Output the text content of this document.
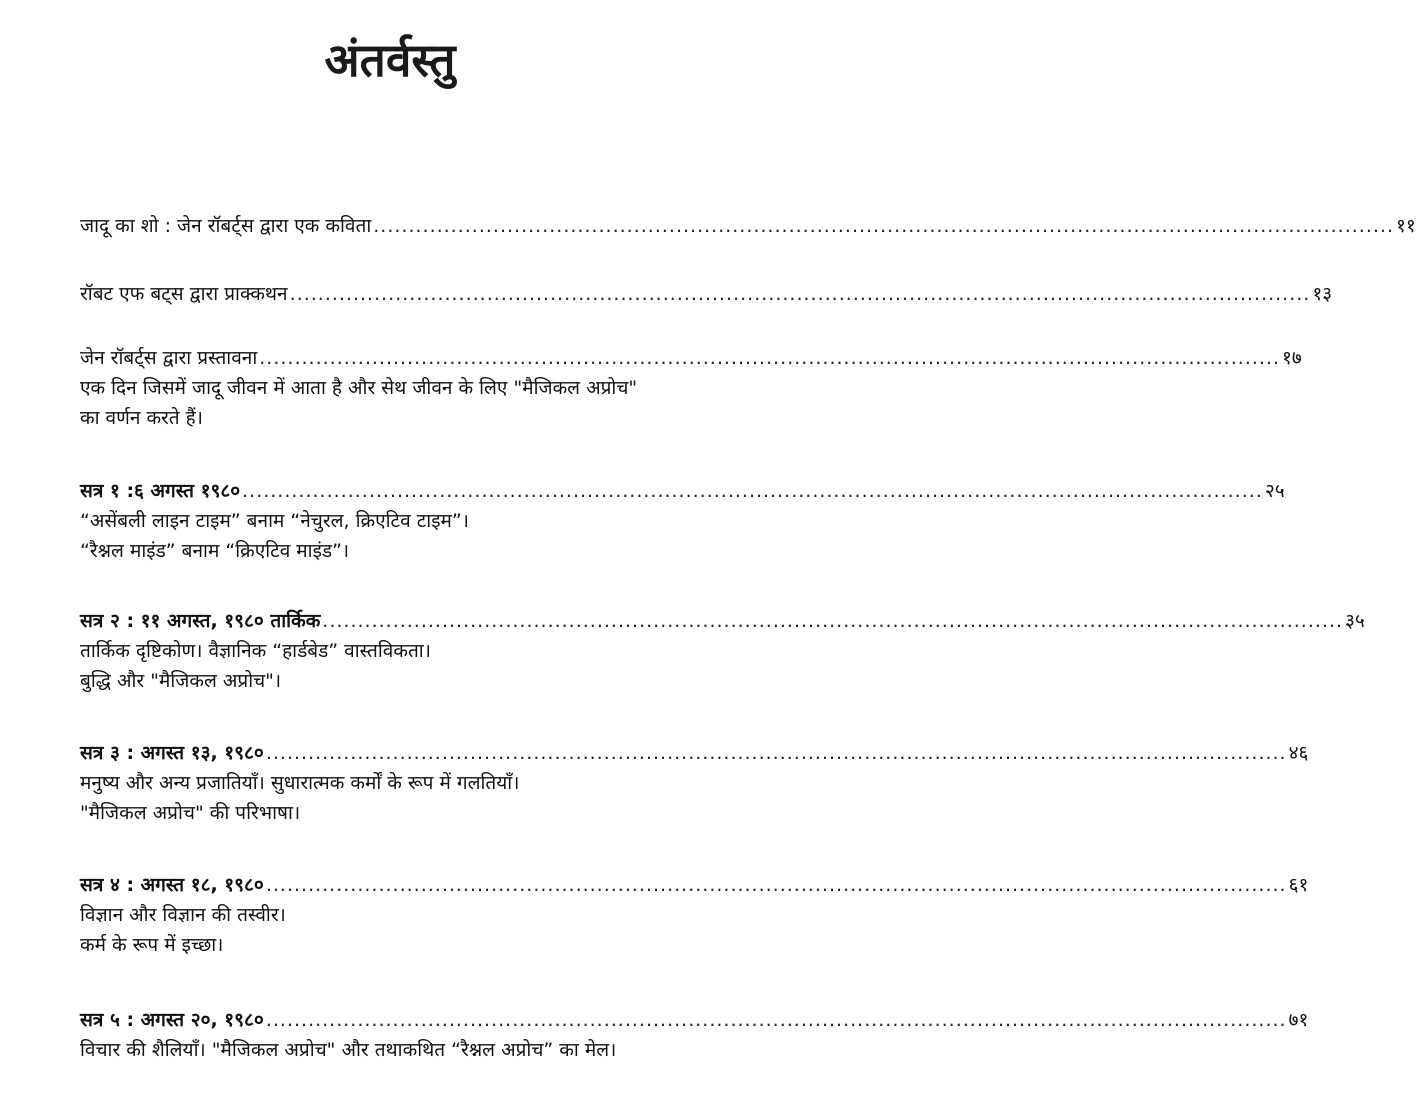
अंतर्वस्तु
जादू का शो : जेन रॉबर्ट्स द्वारा एक कविता ................................................................................................................................................. ११
रॉबट एफ बट्स द्वारा प्राक्कथन ................................................................................................................................................. १३
जेन रॉबर्ट्स द्वारा प्रस्तावना ................................................................................................................................................. १७
एक दिन जिसमें जादू जीवन में आता है और सेथ जीवन के लिए "मैजिकल अप्रोच"
का वर्णन करते हैं।
सत्र १ :६ अगस्त १९८० ................................................................................................................................................. २५
“असेंबली लाइन टाइम” बनाम “नेचुरल, क्रिएटिव टाइम”।
“रैश्नल माइंड” बनाम “क्रिएटिव माइंड”।
सत्र २ : ११ अगस्त, १९८० तार्किक ................................................................................................................................................. ३५
तार्किक दृष्टिकोण। वैज्ञानिक “हार्डबेड” वास्तविकता।
बुद्धि और "मैजिकल अप्रोच"।
सत्र ३ : अगस्त १३, १९८० ................................................................................................................................................. ४६
मनुष्य और अन्य प्रजातियाँ। सुधारात्मक कर्मों के रूप में गलतियाँ।
"मैजिकल अप्रोच" की परिभाषा।
सत्र ४ : अगस्त १८, १९८० ................................................................................................................................................. ६१
विज्ञान और विज्ञान की तस्वीर।
कर्म के रूप में इच्छा।
सत्र ५ : अगस्त २०, १९८० ................................................................................................................................................. ७१
विचार की शैलियाँ। "मैजिकल अप्रोच" और तथाकथित “रैश्नल अप्रोच” का मेल।
